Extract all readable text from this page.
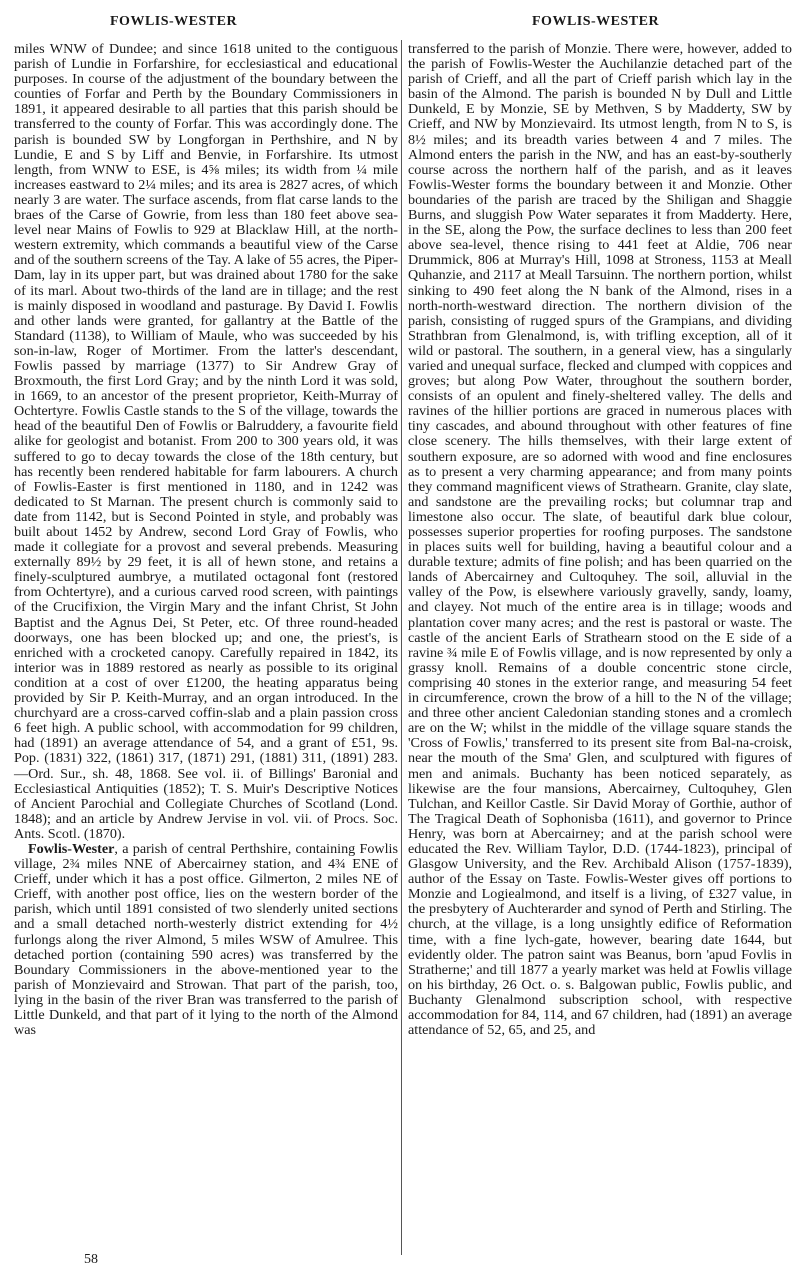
FOWLIS-WESTER	FOWLIS-WESTER

miles WNW of Dundee; and since 1618 united to the contiguous parish of Lundie in Forfarshire, for ecclesiastical and educational purposes. In course of the adjustment of the boundary between the counties of Forfar and Perth by the Boundary Commissioners in 1891, it appeared desirable to all parties that this parish should be transferred to the county of Forfar. This was accordingly done. The parish is bounded SW by Longforgan in Perthshire, and N by Lundie, E and S by Liff and Benvie, in Forfarshire. Its utmost length, from WNW to ESE, is 4⅝ miles; its width from ¼ mile increases eastward to 2¼ miles; and its area is 2827 acres, of which nearly 3 are water. The surface ascends, from flat carse lands to the braes of the Carse of Gowrie, from less than 180 feet above sea-level near Mains of Fowlis to 929 at Blacklaw Hill, at the north-western extremity, which commands a beautiful view of the Carse and of the southern screens of the Tay. A lake of 55 acres, the Piper-Dam, lay in its upper part, but was drained about 1780 for the sake of its marl. About two-thirds of the land are in tillage; and the rest is mainly disposed in woodland and pasturage. By David I. Fowlis and other lands were granted, for gallantry at the Battle of the Standard (1138), to William of Maule, who was succeeded by his son-in-law, Roger of Mortimer. From the latter's descendant, Fowlis passed by marriage (1377) to Sir Andrew Gray of Broxmouth, the first Lord Gray; and by the ninth Lord it was sold, in 1669, to an ancestor of the present proprietor, Keith-Murray of Ochtertyre. Fowlis Castle stands to the S of the village, towards the head of the beautiful Den of Fowlis or Balruddery, a favourite field alike for geologist and botanist. From 200 to 300 years old, it was suffered to go to decay towards the close of the 18th century, but has recently been rendered habitable for farm labourers. A church of Fowlis-Easter is first mentioned in 1180, and in 1242 was dedicated to St Marnan. The present church is commonly said to date from 1142, but is Second Pointed in style, and probably was built about 1452 by Andrew, second Lord Gray of Fowlis, who made it collegiate for a provost and several prebends. Measuring externally 89½ by 29 feet, it is all of hewn stone, and retains a finely-sculptured aumbrye, a mutilated octagonal font (restored from Ochtertyre), and a curious carved rood screen, with paintings of the Crucifixion, the Virgin Mary and the infant Christ, St John Baptist and the Agnus Dei, St Peter, etc. Of three round-headed doorways, one has been blocked up; and one, the priest's, is enriched with a crocketed canopy. Carefully repaired in 1842, its interior was in 1889 restored as nearly as possible to its original condition at a cost of over £1200, the heating apparatus being provided by Sir P. Keith-Murray, and an organ introduced. In the churchyard are a cross-carved coffin-slab and a plain passion cross 6 feet high. A public school, with accommodation for 99 children, had (1891) an average attendance of 54, and a grant of £51, 9s. Pop. (1831) 322, (1861) 317, (1871) 291, (1881) 311, (1891) 283.—Ord. Sur., sh. 48, 1868. See vol. ii. of Billings' Baronial and Ecclesiastical Antiquities (1852); T. S. Muir's Descriptive Notices of Ancient Parochial and Collegiate Churches of Scotland (Lond. 1848); and an article by Andrew Jervise in vol. vii. of Procs. Soc. Ants. Scotl. (1870).

Fowlis-Wester, a parish of central Perthshire, containing Fowlis village, 2¾ miles NNE of Abercairney station, and 4¾ ENE of Crieff, under which it has a post office. Gilmerton, 2 miles NE of Crieff, with another post office, lies on the western border of the parish, which until 1891 consisted of two slenderly united sections and a small detached north-westerly district extending for 4½ furlongs along the river Almond, 5 miles WSW of Amulree. This detached portion (containing 590 acres) was transferred by the Boundary Commissioners in the above-mentioned year to the parish of Monzievaird and Strowan. That part of the parish, too, lying in the basin of the river Bran was transferred to the parish of Little Dunkeld, and that part of it lying to the north of the Almond was

transferred to the parish of Monzie. There were, however, added to the parish of Fowlis-Wester the Auchilanzie detached part of the parish of Crieff, and all the part of Crieff parish which lay in the basin of the Almond. The parish is bounded N by Dull and Little Dunkeld, E by Monzie, SE by Methven, S by Madderty, SW by Crieff, and NW by Monzievaird. Its utmost length, from N to S, is 8½ miles; and its breadth varies between 4 and 7 miles. The Almond enters the parish in the NW, and has an east-by-southerly course across the northern half of the parish, and as it leaves Fowlis-Wester forms the boundary between it and Monzie. Other boundaries of the parish are traced by the Shiligan and Shaggie Burns, and sluggish Pow Water separates it from Madderty. Here, in the SE, along the Pow, the surface declines to less than 200 feet above sea-level, thence rising to 441 feet at Aldie, 706 near Drummick, 806 at Murray's Hill, 1098 at Stroness, 1153 at Meall Quhanzie, and 2117 at Meall Tarsuinn. The northern portion, whilst sinking to 490 feet along the N bank of the Almond, rises in a north-north-westward direction. The northern division of the parish, consisting of rugged spurs of the Grampians, and dividing Strathbran from Glenalmond, is, with trifling exception, all of it wild or pastoral. The southern, in a general view, has a singularly varied and unequal surface, flecked and clumped with coppices and groves; but along Pow Water, throughout the southern border, consists of an opulent and finely-sheltered valley. The dells and ravines of the hillier portions are graced in numerous places with tiny cascades, and abound throughout with other features of fine close scenery. The hills themselves, with their large extent of southern exposure, are so adorned with wood and fine enclosures as to present a very charming appearance; and from many points they command magnificent views of Strathearn. Granite, clay slate, and sandstone are the prevailing rocks; but columnar trap and limestone also occur. The slate, of beautiful dark blue colour, possesses superior properties for roofing purposes. The sandstone in places suits well for building, having a beautiful colour and a durable texture; admits of fine polish; and has been quarried on the lands of Abercairney and Cultoquhey. The soil, alluvial in the valley of the Pow, is elsewhere variously gravelly, sandy, loamy, and clayey. Not much of the entire area is in tillage; woods and plantation cover many acres; and the rest is pastoral or waste. The castle of the ancient Earls of Strathearn stood on the E side of a ravine ¾ mile E of Fowlis village, and is now represented by only a grassy knoll. Remains of a double concentric stone circle, comprising 40 stones in the exterior range, and measuring 54 feet in circumference, crown the brow of a hill to the N of the village; and three other ancient Caledonian standing stones and a cromlech are on the W; whilst in the middle of the village square stands the 'Cross of Fowlis,' transferred to its present site from Bal-na-croisk, near the mouth of the Sma' Glen, and sculptured with figures of men and animals. Buchanty has been noticed separately, as likewise are the four mansions, Abercairney, Cultoquhey, Glen Tulchan, and Keillor Castle. Sir David Moray of Gorthie, author of The Tragical Death of Sophonisba (1611), and governor to Prince Henry, was born at Abercairney; and at the parish school were educated the Rev. William Taylor, D.D. (1744-1823), principal of Glasgow University, and the Rev. Archibald Alison (1757-1839), author of the Essay on Taste. Fowlis-Wester gives off portions to Monzie and Logiealmond, and itself is a living, of £327 value, in the presbytery of Auchterarder and synod of Perth and Stirling. The church, at the village, is a long unsightly edifice of Reformation time, with a fine lych-gate, however, bearing date 1644, but evidently older. The patron saint was Beanus, born 'apud Fovlis in Stratherne;' and till 1877 a yearly market was held at Fowlis village on his birthday, 26 Oct. o. s. Balgowan public, Fowlis public, and Buchanty Glenalmond subscription school, with respective accommodation for 84, 114, and 67 children, had (1891) an average attendance of 52, 65, and 25, and

58
